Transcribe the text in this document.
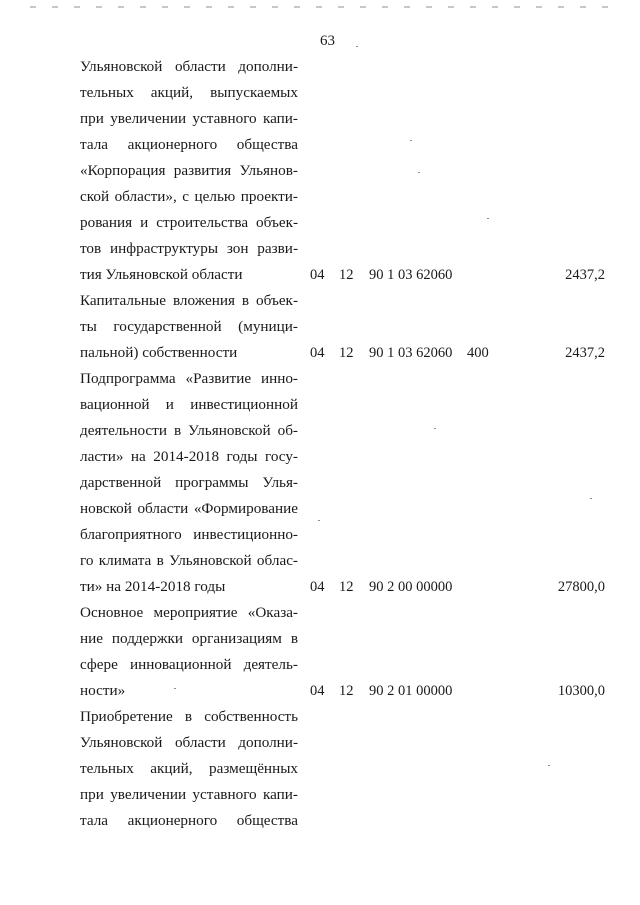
63
Ульяновской области дополни-
тельных акций, выпускаемых
при увеличении уставного капи-
тала акционерного общества
«Корпорация развития Ульянов-
ской области», с целью проекти-
рования и строительства объек-
тов инфраструктуры зон разви-
тия Ульяновской области	04 12 90 1 03 62060	2437,2
Капитальные вложения в объек-
ты государственной (муници-
пальной) собственности	04 12 90 1 03 62060 400	2437,2
Подпрограмма «Развитие инно-
вационной и инвестиционной
деятельности в Ульяновской об-
ласти» на 2014-2018 годы госу-
дарственной программы Улья-
новской области «Формирование
благоприятного инвестиционно-
го климата в Ульяновской облас-
ти» на 2014-2018 годы	04 12 90 2 00 00000	27800,0
Основное мероприятие «Оказа-
ние поддержки организациям в
сфере инновационной деятель-
ности»	04 12 90 2 01 00000	10300,0
Приобретение в собственность
Ульяновской области дополни-
тельных акций, размещённых
при увеличении уставного капи-
тала акционерного общества
